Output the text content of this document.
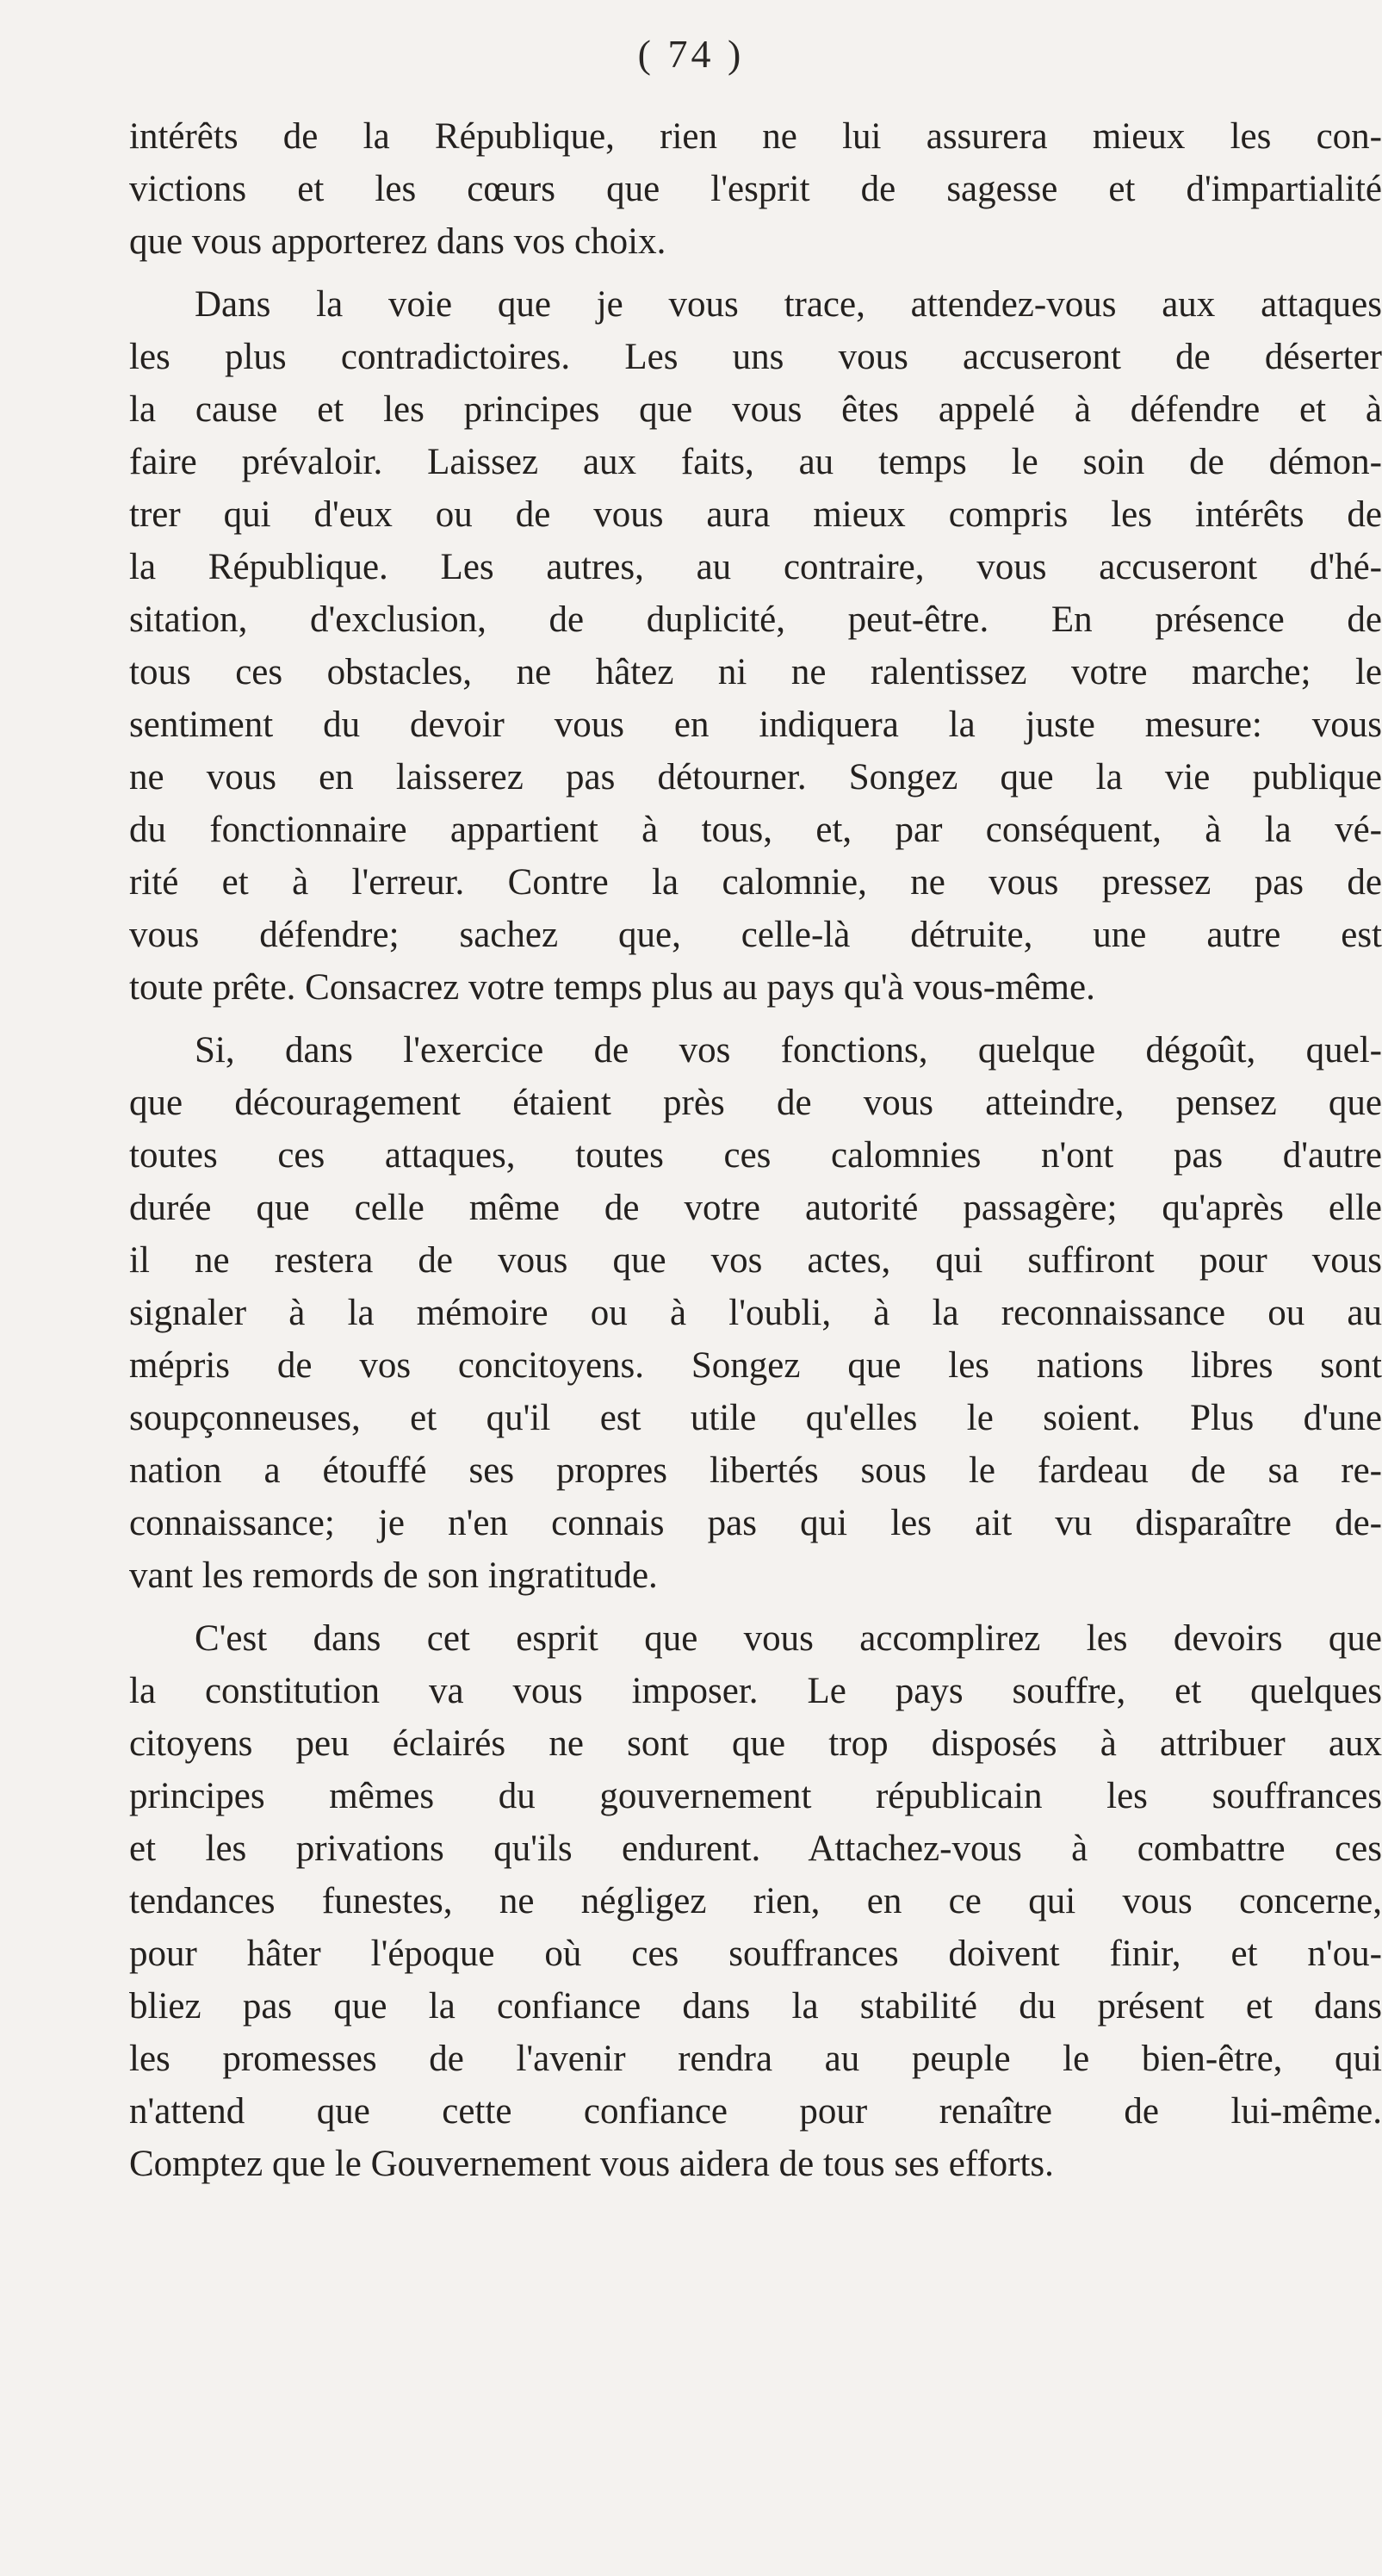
( 74 )
intérêts de la République, rien ne lui assurera mieux les con-
victions et les cœurs que l'esprit de sagesse et d'impartialité
que vous apporterez dans vos choix.
Dans la voie que je vous trace, attendez-vous aux attaques
les plus contradictoires. Les uns vous accuseront de déserter
la cause et les principes que vous êtes appelé à défendre et à
faire prévaloir. Laissez aux faits, au temps le soin de démon-
trer qui d'eux ou de vous aura mieux compris les intérêts de
la République. Les autres, au contraire, vous accuseront d'hé-
sitation, d'exclusion, de duplicité, peut-être. En présence de
tous ces obstacles, ne hâtez ni ne ralentissez votre marche; le
sentiment du devoir vous en indiquera la juste mesure: vous
ne vous en laisserez pas détourner. Songez que la vie publique
du fonctionnaire appartient à tous, et, par conséquent, à la vé-
rité et à l'erreur. Contre la calomnie, ne vous pressez pas de
vous défendre; sachez que, celle-là détruite, une autre est
toute prête. Consacrez votre temps plus au pays qu'à vous-même.
Si, dans l'exercice de vos fonctions, quelque dégoût, quel-
que découragement étaient près de vous atteindre, pensez que
toutes ces attaques, toutes ces calomnies n'ont pas d'autre
durée que celle même de votre autorité passagère; qu'après elle
il ne restera de vous que vos actes, qui suffiront pour vous
signaler à la mémoire ou à l'oubli, à la reconnaissance ou au
mépris de vos concitoyens. Songez que les nations libres sont
soupçonneuses, et qu'il est utile qu'elles le soient. Plus d'une
nation a étouffé ses propres libertés sous le fardeau de sa re-
connaissance; je n'en connais pas qui les ait vu disparaître de-
vant les remords de son ingratitude.
C'est dans cet esprit que vous accomplirez les devoirs que
la constitution va vous imposer. Le pays souffre, et quelques
citoyens peu éclairés ne sont que trop disposés à attribuer aux
principes mêmes du gouvernement républicain les souffrances
et les privations qu'ils endurent. Attachez-vous à combattre ces
tendances funestes, ne négligez rien, en ce qui vous concerne,
pour hâter l'époque où ces souffrances doivent finir, et n'ou-
bliez pas que la confiance dans la stabilité du présent et dans
les promesses de l'avenir rendra au peuple le bien-être, qui
n'attend que cette confiance pour renaître de lui-même.
Comptez que le Gouvernement vous aidera de tous ses efforts.
